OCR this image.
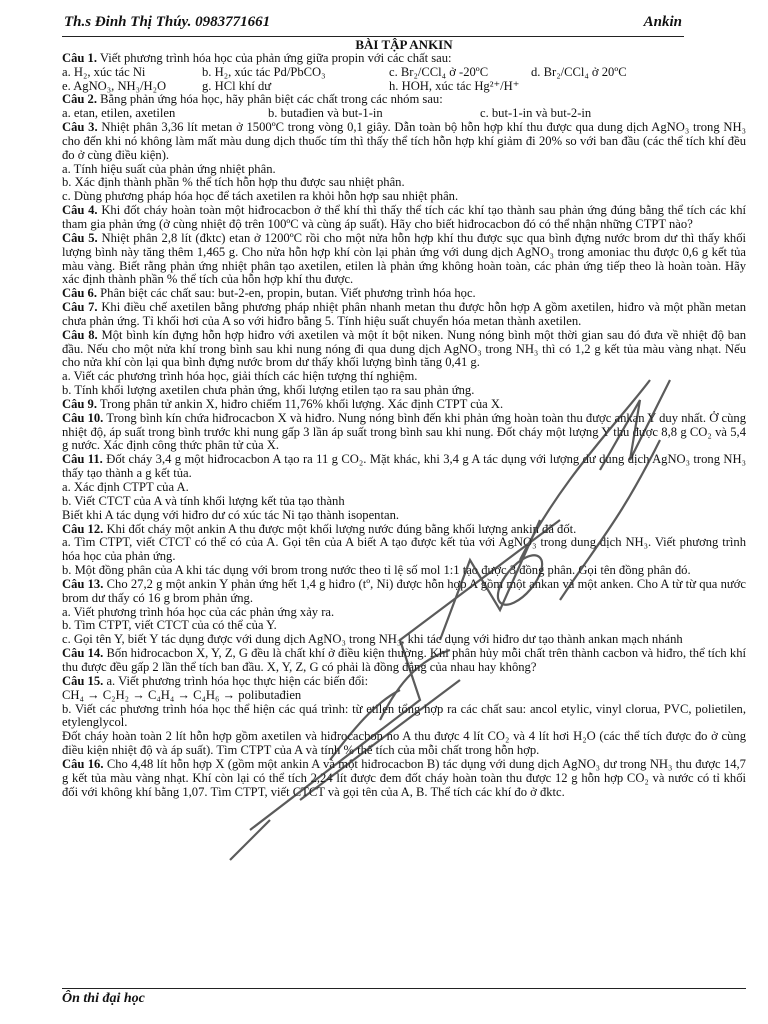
Th.s Đinh Thị Thúy. 0983771661	Ankin

BÀI TẬP ANKIN

Câu 1. Viết phương trình hóa học của phản ứng giữa propin với các chất sau:

a. H₂, xúc tác Ni	b. H₂, xúc tác Pd/PbCO₃	c. Br₂/CCl₄ ở -20ºC	d. Br₂/CCl₄ ở 20ºC
e. AgNO₃, NH₃/H₂O	g. HCl khí dư	h. HOH, xúc tác Hg²⁺/H⁺

Câu 2. Bằng phản ứng hóa học, hãy phân biệt các chất trong các nhóm sau:

a. etan, etilen, axetilen	b. butađien và but-1-in	c. but-1-in và but-2-in

Câu 3. Nhiệt phân 3,36 lít metan ở 1500ºC trong vòng 0,1 giây. Dẫn toàn bộ hỗn hợp khí thu được qua dung dịch AgNO₃ trong NH₃ cho đến khi nó không làm mất màu dung dịch thuốc tím thì thấy thể tích hỗn hợp khí giảm đi 20% so với ban đầu (các thể tích khí đều đo ở cùng điều kiện).

a. Tính hiệu suất của phản ứng nhiệt phân.

b. Xác định thành phần % thể tích hỗn hợp thu được sau nhiệt phân.

c. Dùng phương pháp hóa học để tách axetilen ra khỏi hỗn hợp sau nhiệt phân.

Câu 4. Khi đốt cháy hoàn toàn một hiđrocacbon ở thể khí thì thấy thể tích các khí tạo thành sau phản ứng đúng bằng thể tích các khí tham gia phản ứng (ở cùng nhiệt độ trên 100ºC và cùng áp suất). Hãy cho biết hiđrocacbon đó có thể nhận những CTPT nào?

Câu 5. Nhiệt phân 2,8 lít (đktc) etan ở 1200ºC rồi cho một nửa hỗn hợp khí thu được sục qua bình đựng nước brom dư thì thấy khối lượng bình này tăng thêm 1,465 g. Cho nửa hỗn hợp khí còn lại phản ứng với dung dịch AgNO₃ trong amoniac thu được 0,6 g kết tủa màu vàng. Biết rằng phản ứng nhiệt phân tạo axetilen, etilen là phản ứng không hoàn toàn, các phản ứng tiếp theo là hoàn toàn. Hãy xác định thành phần % thể tích của hỗn hợp khí thu được.

Câu 6. Phân biệt các chất sau: but-2-en, propin, butan. Viết phương trình hóa học.

Câu 7. Khi điều chế axetilen bằng phương pháp nhiệt phân nhanh metan thu được hỗn hợp A gồm axetilen, hiđro và một phần metan chưa phản ứng. Tỉ khối hơi của A so với hiđro bằng 5. Tính hiệu suất chuyển hóa metan thành axetilen.

Câu 8. Một bình kín đựng hỗn hợp hiđro với axetilen và một ít bột niken. Nung nóng bình một thời gian sau đó đưa về nhiệt độ ban đầu. Nếu cho một nửa khí trong bình sau khi nung nóng đi qua dung dịch AgNO₃ trong NH₃ thì có 1,2 g kết tủa màu vàng nhạt. Nếu cho nửa khí còn lại qua bình đựng nước brom dư thấy khối lượng bình tăng 0,41 g.

a. Viết các phương trình hóa học, giải thích các hiện tượng thí nghiệm.

b. Tính khối lượng axetilen chưa phản ứng, khối lượng etilen tạo ra sau phản ứng.

Câu 9. Trong phân tử ankin X, hiđro chiếm 11,76% khối lượng. Xác định CTPT của X.

Câu 10. Trong bình kín chứa hiđrocacbon X và hiđro. Nung nóng bình đến khi phản ứng hoàn toàn thu được ankan Y duy nhất. Ở cùng nhiệt độ, áp suất trong bình trước khi nung gấp 3 lần áp suất trong bình sau khi nung. Đốt cháy một lượng Y thu được 8,8 g CO₂ và 5,4 g nước. Xác định công thức phân tử của X.

Câu 11. Đốt cháy 3,4 g một hiđrocacbon A tạo ra 11 g CO₂. Mặt khác, khi 3,4 g A tác dụng với lượng dư dung dịch AgNO₃ trong NH₃ thấy tạo thành a g kết tủa.

a. Xác định CTPT của A.

b. Viết CTCT của A và tính khối lượng kết tủa tạo thành

Biết khi A tác dụng với hiđro dư có xúc tác Ni tạo thành isopentan.

Câu 12. Khi đốt cháy một ankin A thu được một khối lượng nước đúng bằng khối lượng ankin đã đốt.

a. Tìm CTPT, viết CTCT có thể có của A. Gọi tên của A biết A tạo được kết tủa với AgNO₃ trong dung dịch NH₃. Viết phương trình hóa học của phản ứng.

b. Một đồng phân của A khi tác dụng với brom trong nước theo tỉ lệ số mol 1:1 tạo được 3 đồng phân. Gọi tên đồng phân đó.

Câu 13. Cho 27,2 g một ankin Y phản ứng hết 1,4 g hiđro (tº, Ni) được hỗn hợp A gồm một ankan và một anken. Cho A từ từ qua nước brom dư thấy có 16 g brom phản ứng.

a. Viết phương trình hóa học của các phản ứng xảy ra.

b. Tìm CTPT, viết CTCT của có thể của Y.

c. Gọi tên Y, biết Y tác dụng được với dung dịch AgNO₃ trong NH₃, khi tác dụng với hiđro dư tạo thành ankan mạch nhánh

Câu 14. Bốn hiđrocacbon X, Y, Z, G đều là chất khí ở điều kiện thường. Khi phân hủy mỗi chất trên thành cacbon và hiđro, thể tích khí thu được đều gấp 2 lần thể tích ban đầu. X, Y, Z, G có phải là đồng đẳng của nhau hay không?

Câu 15. a. Viết phương trình hóa học thực hiện các biến đổi:

CH₄ → C₂H₂ → C₄H₄ → C₄H₆ → polibutađien

b. Viết các phương trình hóa học thể hiện các quá trình: từ etilen tổng hợp ra các chất sau: ancol etylic, vinyl clorua, PVC, polietilen, etylenglycol.

Đốt cháy hoàn toàn 2 lít hỗn hợp gồm axetilen và hiđrocacbon no A thu được 4 lít CO₂ và 4 lít hơi H₂O (các thể tích được đo ở cùng điều kiện nhiệt độ và áp suất). Tìm CTPT của A và tính % thể tích của mỗi chất trong hỗn hợp.

Câu 16. Cho 4,48 lít hỗn hợp X (gồm một ankin A và một hiđrocacbon B) tác dụng với dung dịch AgNO₃ dư trong NH₃ thu được 14,7 g kết tủa màu vàng nhạt. Khí còn lại có thể tích 2,24 lít được đem đốt cháy hoàn toàn thu được 12 g hỗn hợp CO₂ và nước có tỉ khối đối với không khí bằng 1,07. Tìm CTPT, viết CTCT và gọi tên của A, B. Thể tích các khí đo ở đktc.

Ôn thi đại học
